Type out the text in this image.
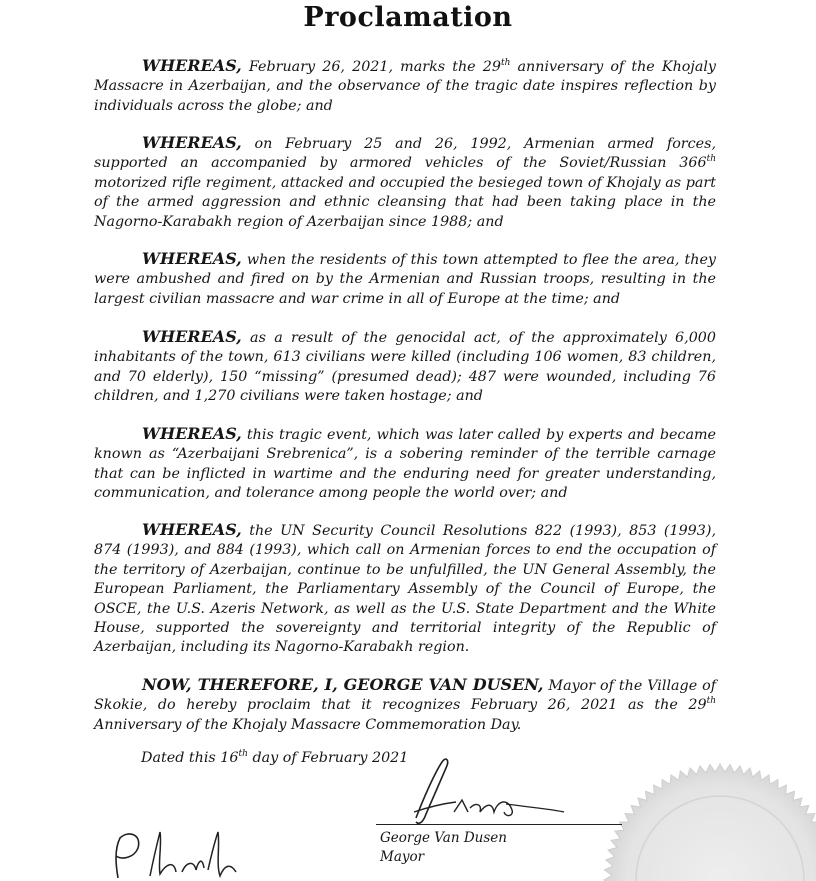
Proclamation

WHEREAS, February 26, 2021, marks the 29th anniversary of the Khojaly Massacre in Azerbaijan, and the observance of the tragic date inspires reflection by individuals across the globe; and

WHEREAS, on February 25 and 26, 1992, Armenian armed forces, supported an accompanied by armored vehicles of the Soviet/Russian 366th motorized rifle regiment, attacked and occupied the besieged town of Khojaly as part of the armed aggression and ethnic cleansing that had been taking place in the Nagorno-Karabakh region of Azerbaijan since 1988; and

WHEREAS, when the residents of this town attempted to flee the area, they were ambushed and fired on by the Armenian and Russian troops, resulting in the largest civilian massacre and war crime in all of Europe at the time; and

WHEREAS, as a result of the genocidal act, of the approximately 6,000 inhabitants of the town, 613 civilians were killed (including 106 women, 83 children, and 70 elderly), 150 “missing” (presumed dead); 487 were wounded, including 76 children, and 1,270 civilians were taken hostage; and

WHEREAS, this tragic event, which was later called by experts and became known as “Azerbaijani Srebrenica”, is a sobering reminder of the terrible carnage that can be inflicted in wartime and the enduring need for greater understanding, communication, and tolerance among people the world over; and

WHEREAS, the UN Security Council Resolutions 822 (1993), 853 (1993), 874 (1993), and 884 (1993), which call on Armenian forces to end the occupation of the territory of Azerbaijan, continue to be unfulfilled, the UN General Assembly, the European Parliament, the Parliamentary Assembly of the Council of Europe, the OSCE, the U.S. Azeris Network, as well as the U.S. State Department and the White House, supported the sovereignty and territorial integrity of the Republic of Azerbaijan, including its Nagorno-Karabakh region.

NOW, THEREFORE, I, GEORGE VAN DUSEN, Mayor of the Village of Skokie, do hereby proclaim that it recognizes February 26, 2021 as the 29th Anniversary of the Khojaly Massacre Commemoration Day.

Dated this 16th day of February 2021
George Van Dusen
Mayor
